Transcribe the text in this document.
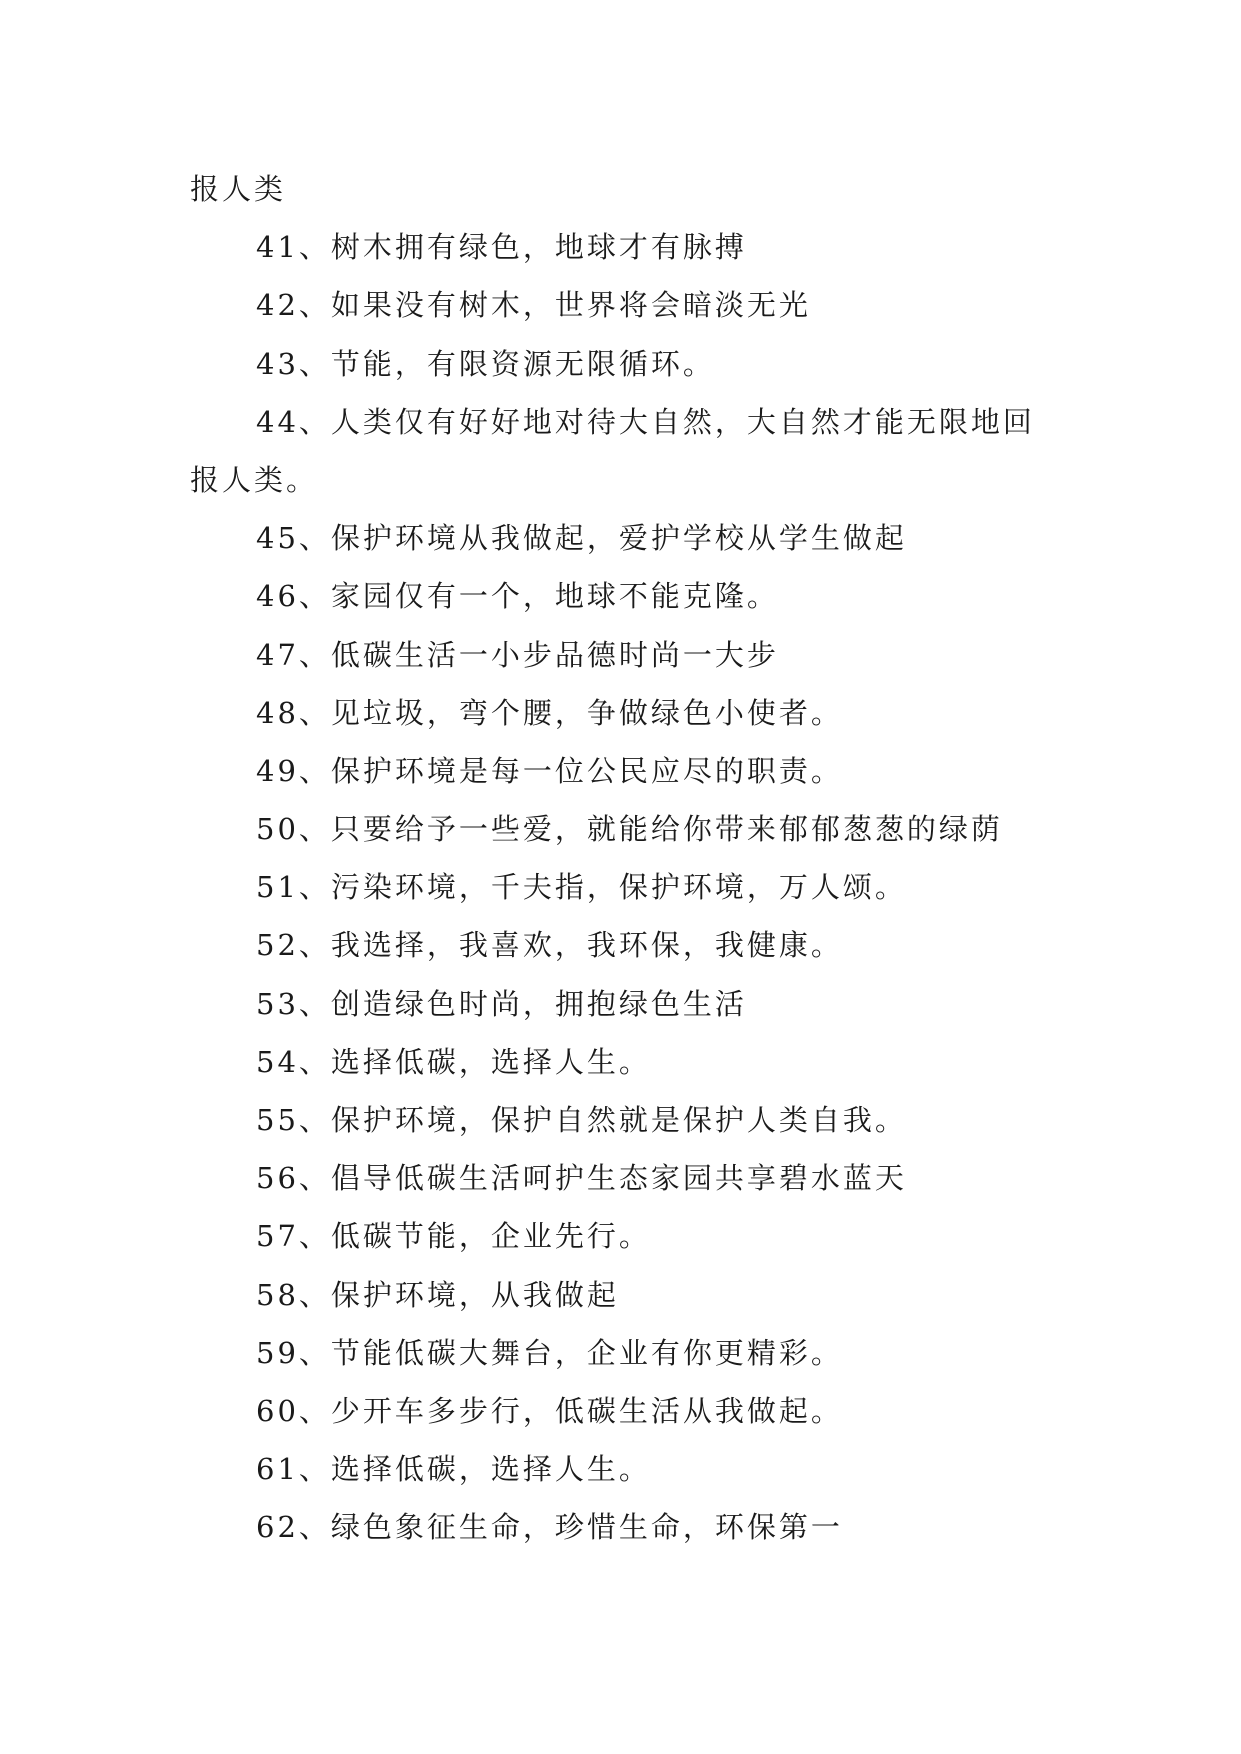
报人类
41、树木拥有绿色，地球才有脉搏
42、如果没有树木，世界将会暗淡无光
43、节能，有限资源无限循环。
44、人类仅有好好地对待大自然，大自然才能无限地回
报人类。
45、保护环境从我做起，爱护学校从学生做起
46、家园仅有一个，地球不能克隆。
47、低碳生活一小步品德时尚一大步
48、见垃圾，弯个腰，争做绿色小使者。
49、保护环境是每一位公民应尽的职责。
50、只要给予一些爱，就能给你带来郁郁葱葱的绿荫
51、污染环境，千夫指，保护环境，万人颂。
52、我选择，我喜欢，我环保，我健康。
53、创造绿色时尚，拥抱绿色生活
54、选择低碳，选择人生。
55、保护环境，保护自然就是保护人类自我。
56、倡导低碳生活呵护生态家园共享碧水蓝天
57、低碳节能，企业先行。
58、保护环境，从我做起
59、节能低碳大舞台，企业有你更精彩。
60、少开车多步行，低碳生活从我做起。
61、选择低碳，选择人生。
62、绿色象征生命，珍惜生命，环保第一
